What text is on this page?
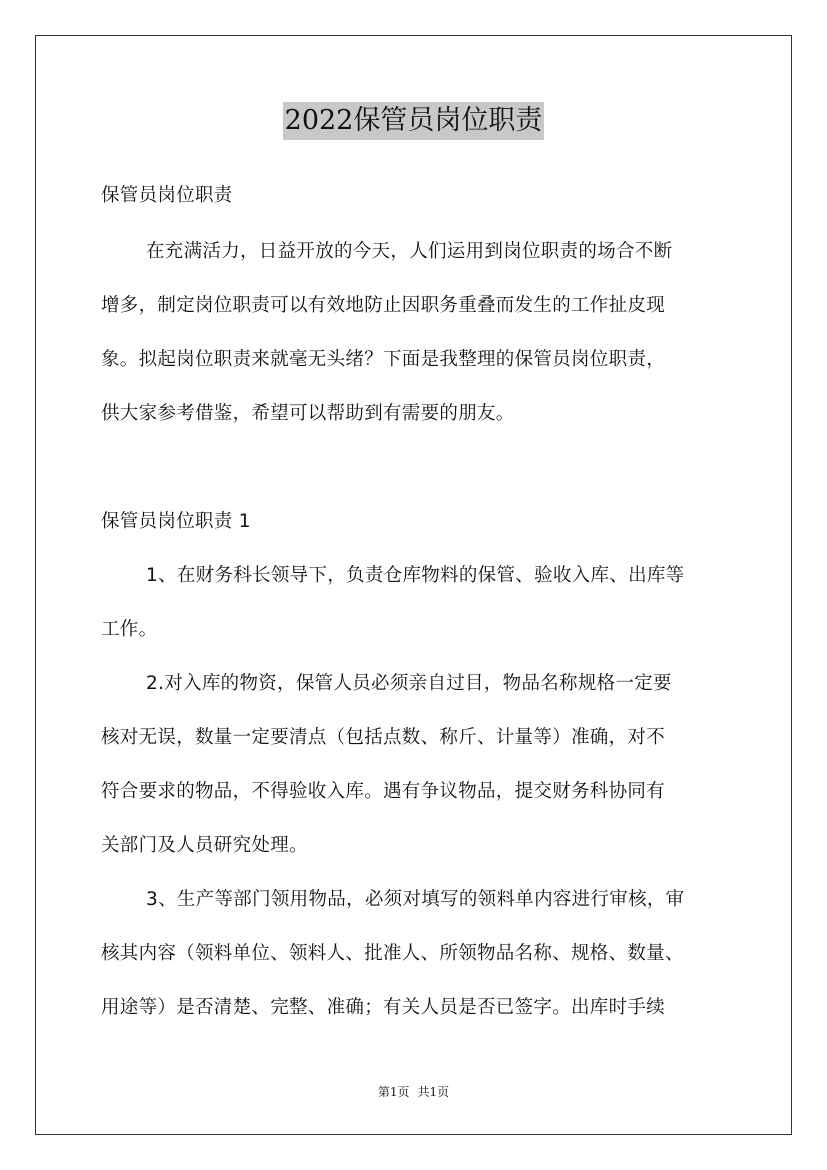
2022保管员岗位职责
保管员岗位职责
在充满活力，日益开放的今天，人们运用到岗位职责的场合不断
增多，制定岗位职责可以有效地防止因职务重叠而发生的工作扯皮现
象。拟起岗位职责来就毫无头绪？下面是我整理的保管员岗位职责，
供大家参考借鉴，希望可以帮助到有需要的朋友。
保管员岗位职责 1
1、在财务科长领导下，负责仓库物料的保管、验收入库、出库等
工作。
2.对入库的物资，保管人员必须亲自过目，物品名称规格一定要
核对无误，数量一定要清点（包括点数、称斤、计量等）准确，对不
符合要求的物品，不得验收入库。遇有争议物品，提交财务科协同有
关部门及人员研究处理。
3、生产等部门领用物品，必须对填写的领料单内容进行审核，审
核其内容（领料单位、领料人、批准人、所领物品名称、规格、数量、
用途等）是否清楚、完整、准确；有关人员是否已签字。出库时手续
第1页 共1页
